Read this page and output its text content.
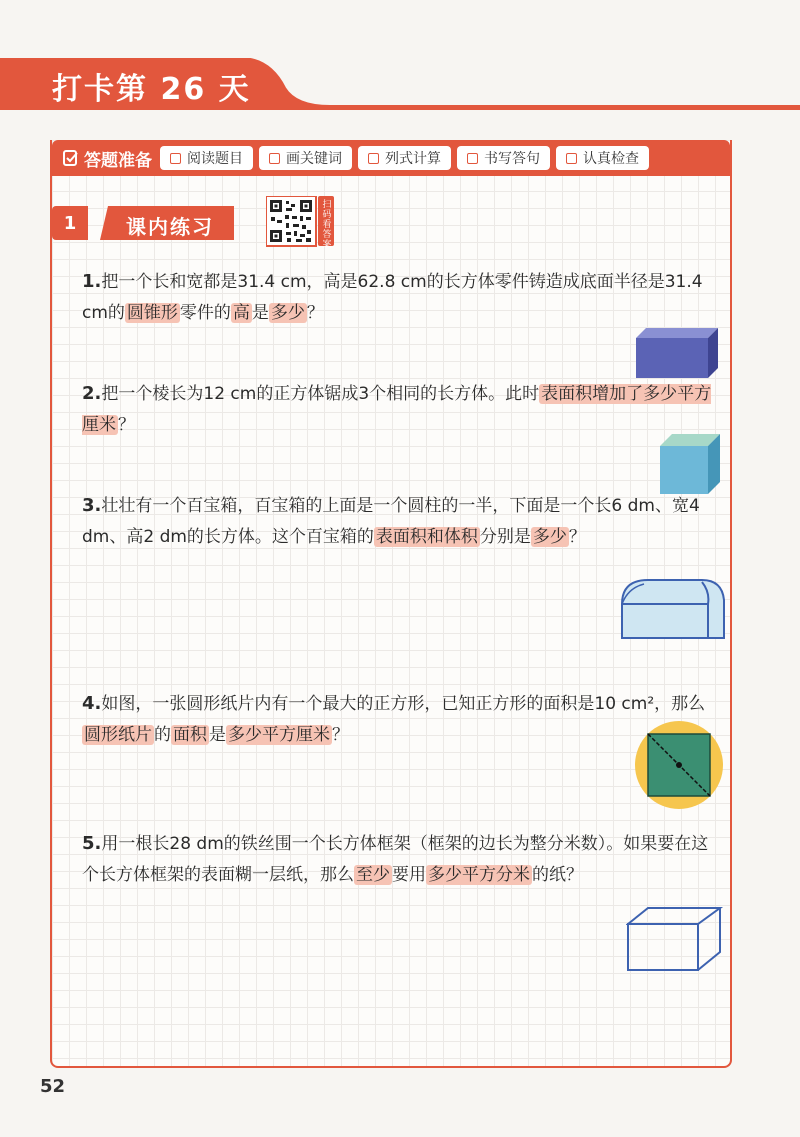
打卡第 26 天
答题准备	阅读题目	画关键词	列式计算	书写答句	认真检查
1	课内练习
扫码看答案
1.把一个长和宽都是31.4 cm，高是62.8 cm的长方体零件铸造成底面半径是31.4 cm的 圆锥形 零件的 高 是 多少 ？
2.把一个棱长为12 cm的正方体锯成3个相同的长方体。此时 表面积增加了多少平方厘米 ？
3.壮壮有一个百宝箱，百宝箱的上面是一个圆柱的一半，下面是一个长6 dm、宽4 dm、高2 dm的长方体。这个百宝箱的 表面积和体积 分别是 多少 ？
4.如图，一张圆形纸片内有一个最大的正方形，已知正方形的面积是10 cm²，那么圆形纸片 的 面积 是 多少平方厘米 ？
5.用一根长28 dm的铁丝围一个长方体框架（框架的边长为整分米数）。如果要在这个长方体框架的表面糊一层纸，那么 至少 要用 多少平方分米 的纸？
52
